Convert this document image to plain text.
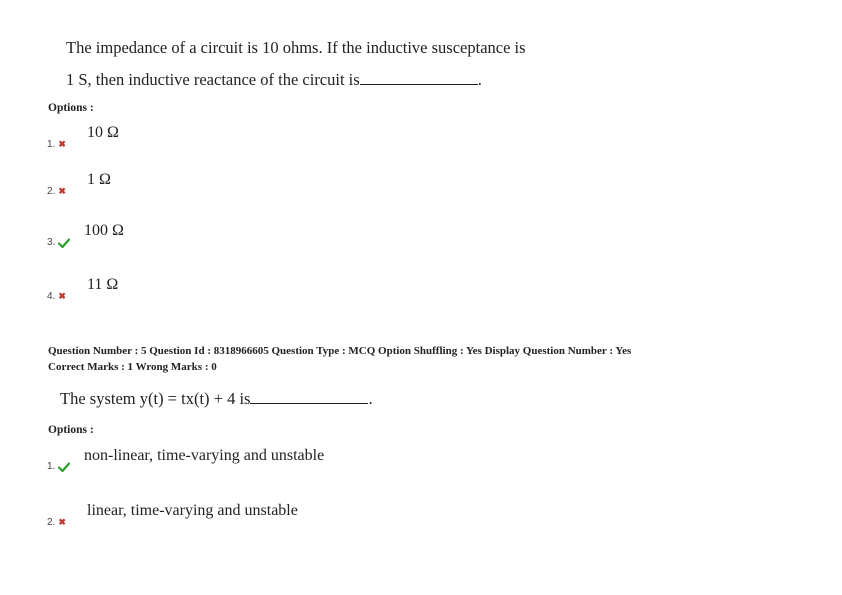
The impedance of a circuit is 10 ohms. If the inductive susceptance is
1 S, then inductive reactance of the circuit is	.
Options :
10 Ω
1. ✖
1 Ω
2. ✖
100 Ω
3.
11 Ω
4. ✖
Question Number : 5 Question Id : 8318966605 Question Type : MCQ Option Shuffling : Yes Display Question Number : Yes
Correct Marks : 1 Wrong Marks : 0
The system y(t) = tx(t) + 4 is	.
Options :
non-linear, time-varying and unstable
1.
linear, time-varying and unstable
2. ✖
